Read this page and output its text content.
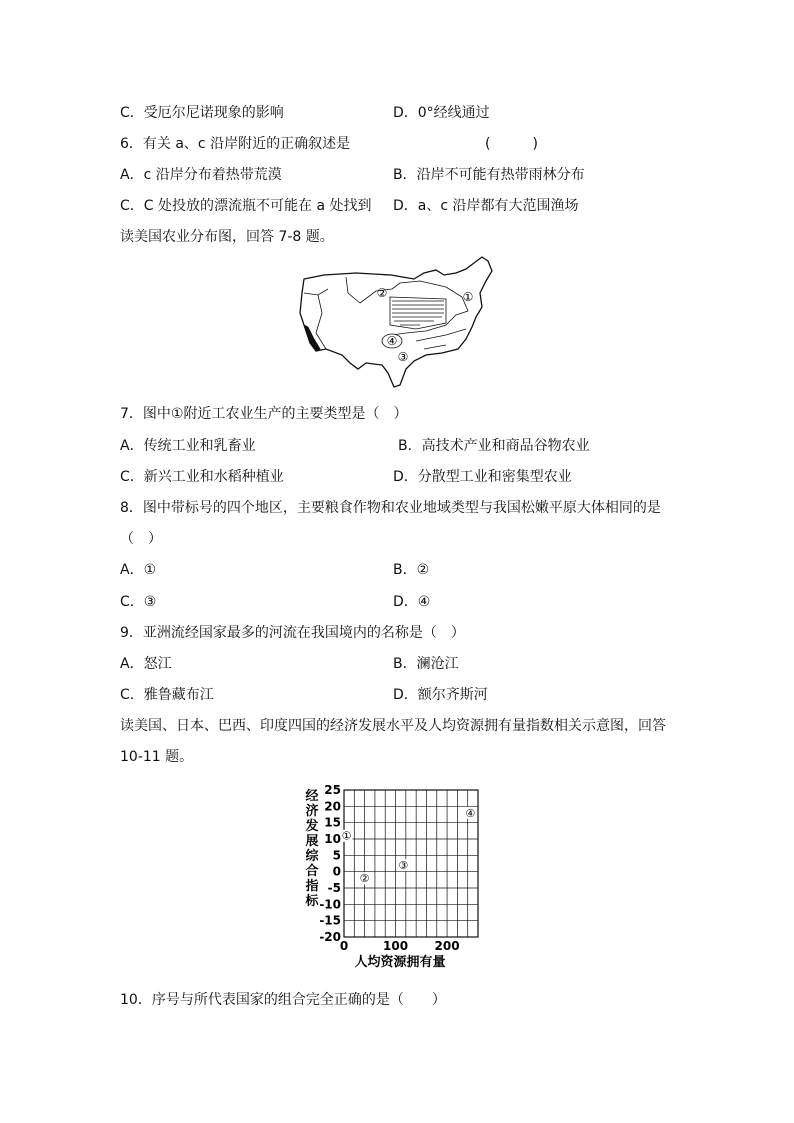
C．受厄尔尼诺现象的影响	D．0°经线通过
6．有关 a、c 沿岸附近的正确叙述是	(　　　)
A．c 沿岸分布着热带荒漠	B．沿岸不可能有热带雨林分布
C．C 处投放的漂流瓶不可能在 a 处找到 D．a、c 沿岸都有大范围渔场
读美国农业分布图，回答 7-8 题。
①
②
③
④
7．图中①附近工农业生产的主要类型是（　）
A．传统工业和乳畜业	B．高技术产业和商品谷物农业
C．新兴工业和水稻种植业	D．分散型工业和密集型农业
8．图中带标号的四个地区，主要粮食作物和农业地域类型与我国松嫩平原大体相同的是
（　）
A．①	B．②
C．③	D．④
9．亚洲流经国家最多的河流在我国境内的名称是（　）
A．怒江	B．澜沧江
C．雅鲁藏布江	D．额尔齐斯河
读美国、日本、巴西、印度四国的经济发展水平及人均资源拥有量指数相关示意图，回答
10-11 题。
经
济
发
展
综
合
指
标
25
20
15
10
5
0
-5
-10
-15
-20
0	100 200
①
②
③
④
人均资源拥有量
10．序号与所代表国家的组合完全正确的是（　　）
